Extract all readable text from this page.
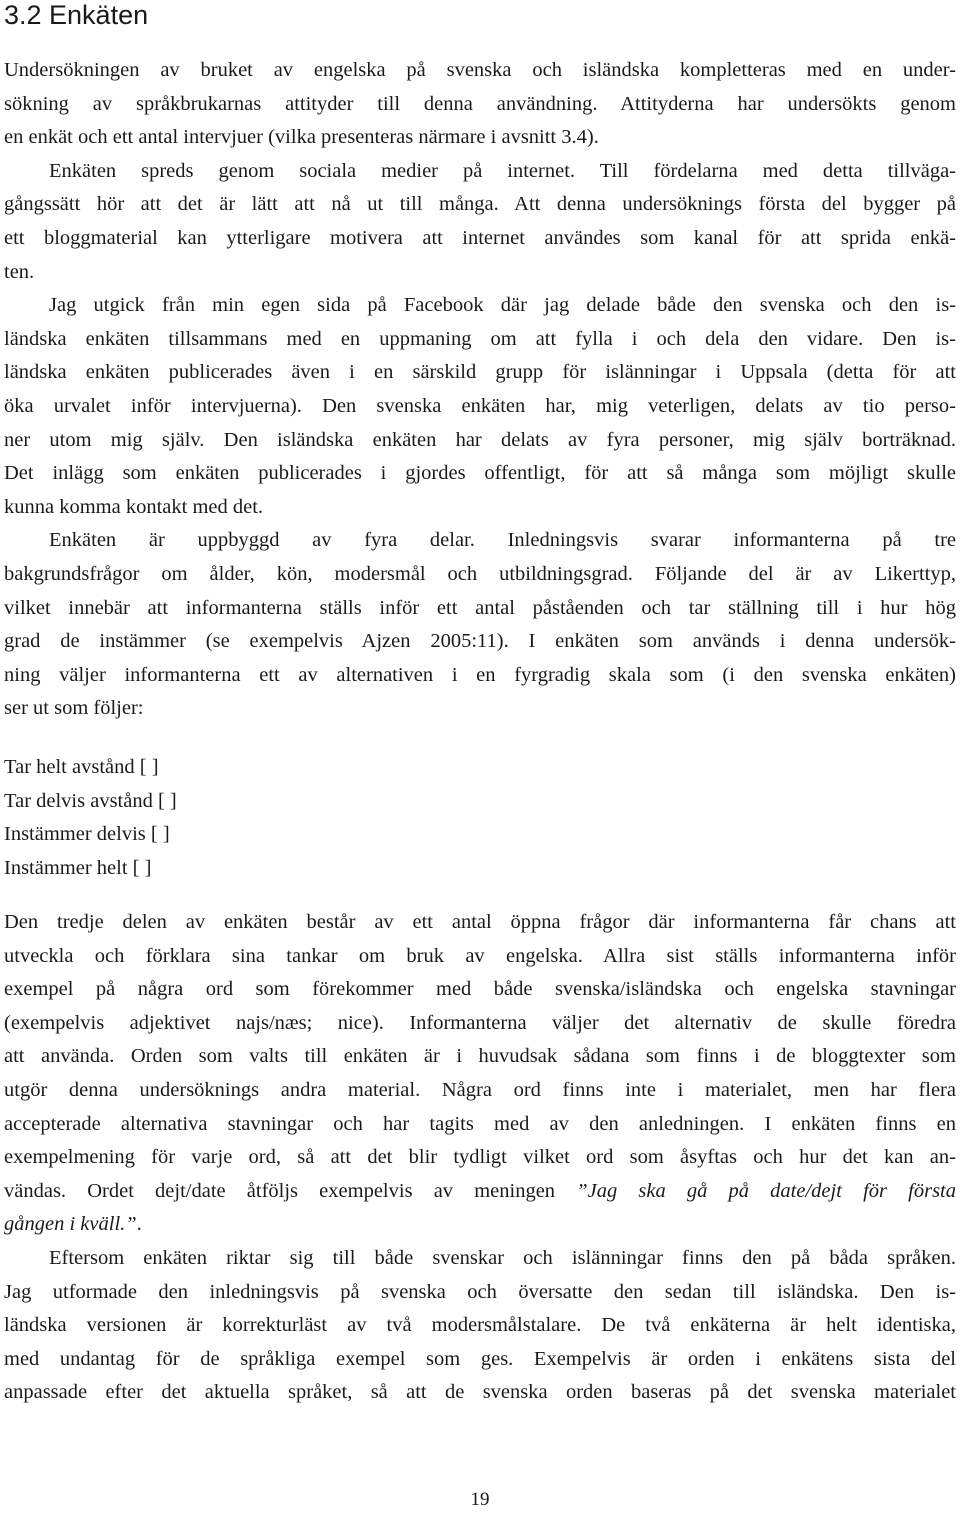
3.2 Enkäten

Undersökningen av bruket av engelska på svenska och isländska kompletteras med en under-

sökning av språkbrukarnas attityder till denna användning. Attityderna har undersökts genom

en enkät och ett antal intervjuer (vilka presenteras närmare i avsnitt 3.4).

Enkäten spreds genom sociala medier på internet. Till fördelarna med detta tillväga-

gångssätt hör att det är lätt att nå ut till många. Att denna undersöknings första del bygger på

ett bloggmaterial kan ytterligare motivera att internet användes som kanal för att sprida enkä-

ten.

Jag utgick från min egen sida på Facebook där jag delade både den svenska och den is-

ländska enkäten tillsammans med en uppmaning om att fylla i och dela den vidare. Den is-

ländska enkäten publicerades även i en särskild grupp för islänningar i Uppsala (detta för att

öka urvalet inför intervjuerna). Den svenska enkäten har, mig veterligen, delats av tio perso-

ner utom mig själv. Den isländska enkäten har delats av fyra personer, mig själv borträknad.

Det inlägg som enkäten publicerades i gjordes offentligt, för att så många som möjligt skulle

kunna komma kontakt med det.

Enkäten är uppbyggd av fyra delar. Inledningsvis svarar informanterna på tre

bakgrundsfrågor om ålder, kön, modersmål och utbildningsgrad. Följande del är av Likerttyp,

vilket innebär att informanterna ställs inför ett antal påståenden och tar ställning till i hur hög

grad de instämmer (se exempelvis Ajzen 2005:11). I enkäten som används i denna undersök-

ning väljer informanterna ett av alternativen i en fyrgradig skala som (i den svenska enkäten)

ser ut som följer:

Tar helt avstånd [ ]

Tar delvis avstånd [ ]

Instämmer delvis [ ]

Instämmer helt [ ]

Den tredje delen av enkäten består av ett antal öppna frågor där informanterna får chans att

utveckla och förklara sina tankar om bruk av engelska. Allra sist ställs informanterna inför

exempel på några ord som förekommer med både svenska/isländska och engelska stavningar

(exempelvis adjektivet najs/næs; nice). Informanterna väljer det alternativ de skulle föredra

att använda. Orden som valts till enkäten är i huvudsak sådana som finns i de bloggtexter som

utgör denna undersöknings andra material. Några ord finns inte i materialet, men har flera

accepterade alternativa stavningar och har tagits med av den anledningen. I enkäten finns en

exempelmening för varje ord, så att det blir tydligt vilket ord som åsyftas och hur det kan an-

vändas. Ordet dejt/date åtföljs exempelvis av meningen ”Jag ska gå på date/dejt för första

gången i kväll.”.

Eftersom enkäten riktar sig till både svenskar och islänningar finns den på båda språken.

Jag utformade den inledningsvis på svenska och översatte den sedan till isländska. Den is-

ländska versionen är korrekturläst av två modersmålstalare. De två enkäterna är helt identiska,

med undantag för de språkliga exempel som ges. Exempelvis är orden i enkätens sista del

anpassade efter det aktuella språket, så att de svenska orden baseras på det svenska materialet

19
